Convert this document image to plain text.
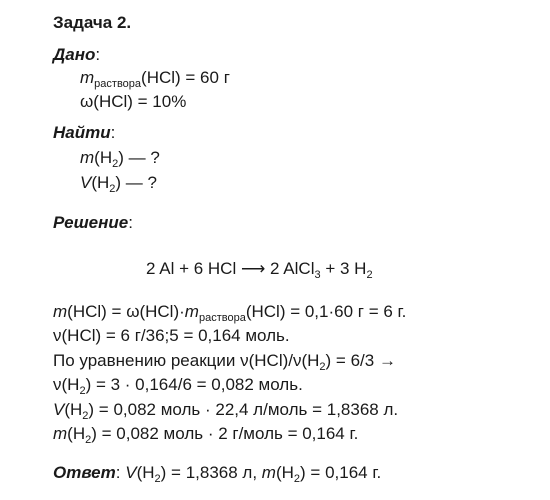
Задача 2.
Дано:
$m_{раствора}(HCl) = 60$ г
ω(HCl) = 10%
Найти:
$m(H_2)$ — ?
$V(H_2)$ — ?
Решение:
2 Al + 6 HCl ⟶ 2 AlCl$_3$ + 3 $H_2$
$m(HCl) = \omega(HCl)\cdot m_{раствора}(HCl) = 0,1\cdot 60$ г = 6 г.
ν(HCl) = 6 г/36;5 = 0,164 моль.
По уравнению реакции $\nu(HCl)/\nu(H_2) = 6/3$ →
$\nu(H_2) = 3 \cdot 0,164/6 = 0,082$ моль.
$V(H_2) = 0,082$ моль · 22,4 л/моль = 1,8368 л.
$m(H_2) = 0,082$ моль · 2 г/моль = 0,164 г.
Ответ: $V(H_2) = 1,8368$ л, $m(H_2) = 0,164$ г.
